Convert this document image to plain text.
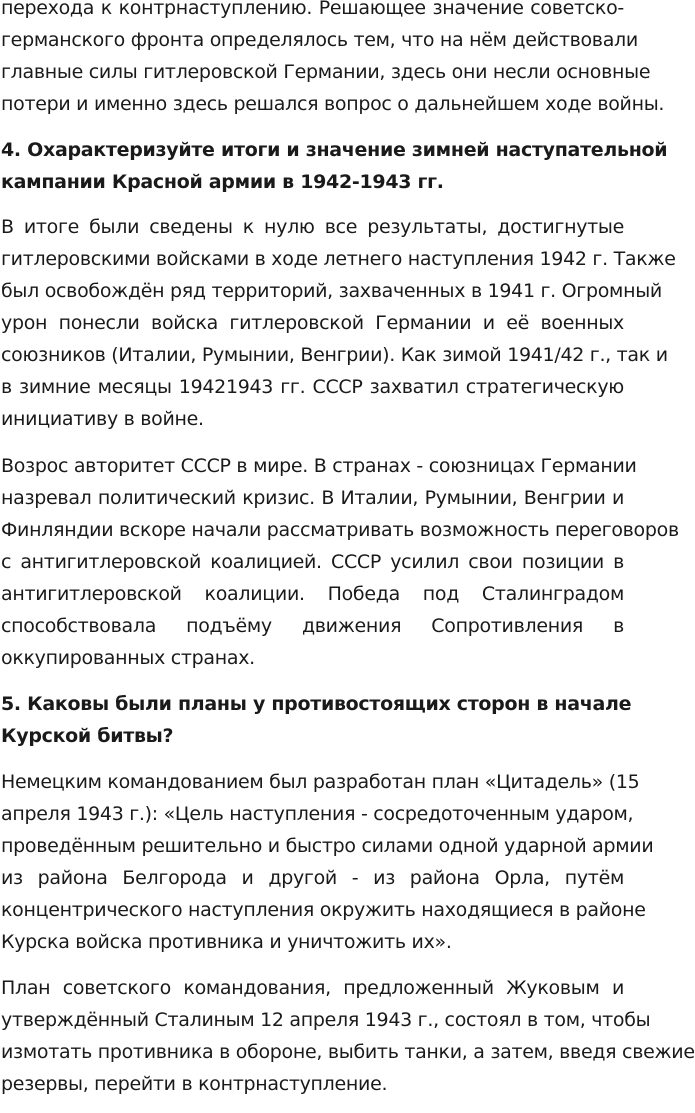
перехода к контрнаступлению. Решающее значение советско-
германского фронта определялось тем, что на нём действовали
главные силы гитлеровской Германии, здесь они несли основные
потери и именно здесь решался вопрос о дальнейшем ходе войны.
4. Охарактеризуйте итоги и значение зимней наступательной
кампании Красной армии в 1942-1943 гг.
В итоге были сведены к нулю все результаты, достигнутые
гитлеровскими войсками в ходе летнего наступления 1942 г. Также
был освобождён ряд территорий, захваченных в 1941 г. Огромный
урон понесли войска гитлеровской Германии и её военных
союзников (Италии, Румынии, Венгрии). Как зимой 1941/42 г., так и
в зимние месяцы 19421943 гг. СССР захватил стратегическую
инициативу в войне.
Возрос авторитет СССР в мире. В странах - союзницах Германии
назревал политический кризис. В Италии, Румынии, Венгрии и
Финляндии вскоре начали рассматривать возможность переговоров
с антигитлеровской коалицией. СССР усилил свои позиции в
антигитлеровской коалиции. Победа под Сталинградом
способствовала подъёму движения Сопротивления в
оккупированных странах.
5. Каковы были планы у противостоящих сторон в начале
Курской битвы?
Немецким командованием был разработан план «Цитадель» (15
апреля 1943 г.): «Цель наступления - сосредоточенным ударом,
проведённым решительно и быстро силами одной ударной армии
из района Белгорода и другой - из района Орла, путём
концентрического наступления окружить находящиеся в районе
Курска войска противника и уничтожить их».
План советского командования, предложенный Жуковым и
утверждённый Сталиным 12 апреля 1943 г., состоял в том, чтобы
измотать противника в обороне, выбить танки, а затем, введя свежие
резервы, перейти в контрнаступление.
